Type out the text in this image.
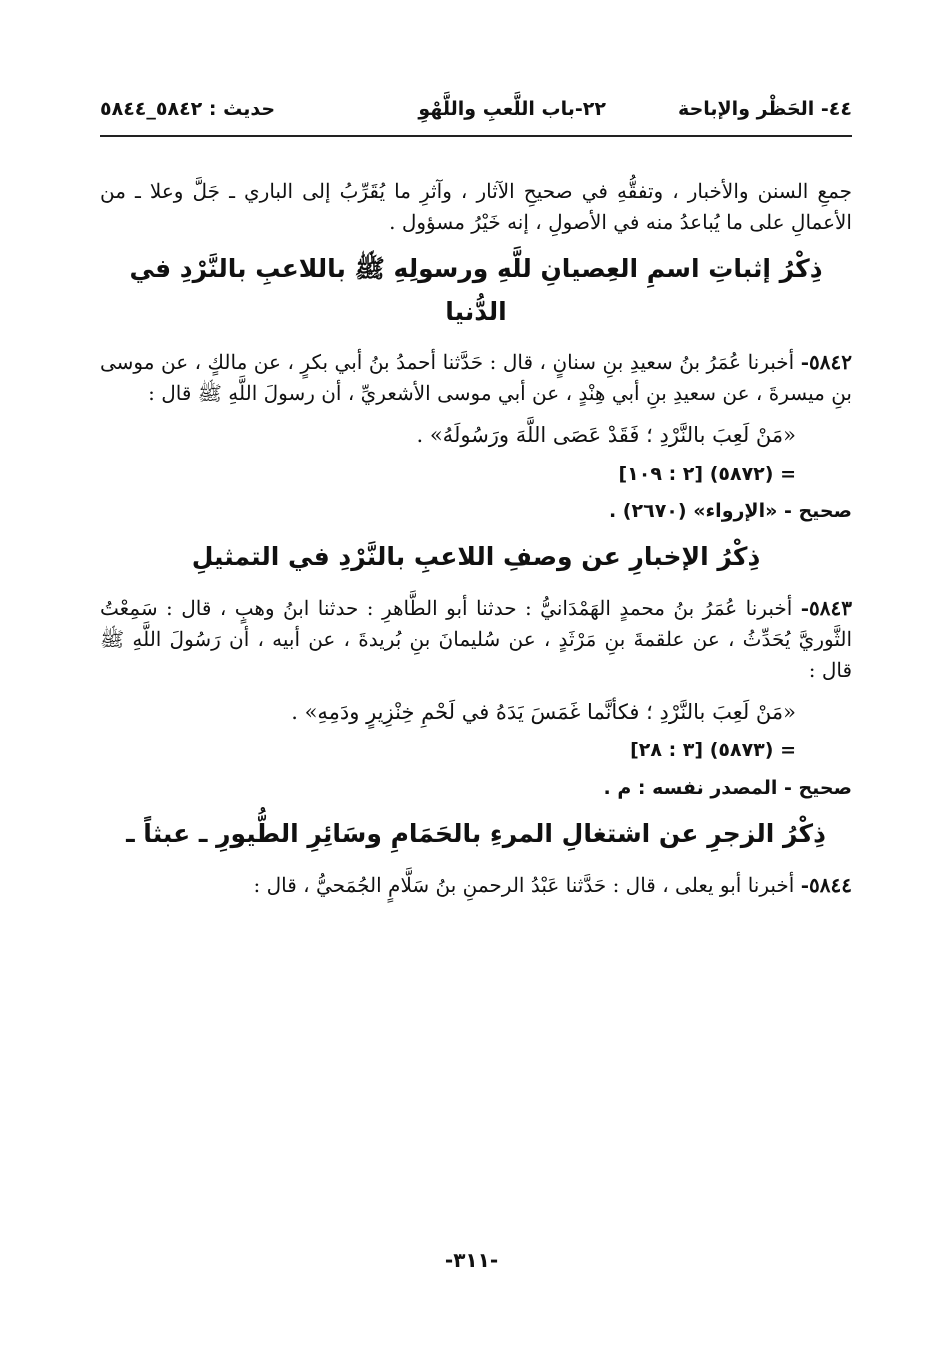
٤٤- الحَظْر والإباحة
٢٢-باب اللَّعبِ واللَّهْوِ
حديث : ٥٨٤٢_٥٨٤٤

جمعِ السنن والأخبار ، وتفقُّهِ في صحيحِ الآثار ، وآثرِ ما يُقَرِّبُ إلى الباري ـ جَلَّ وعلا ـ من الأعمالِ على ما يُباعدُ منه في الأصولِ ، إنه خَيْرُ مسؤول .

ذِكْرُ إثباتِ اسمِ العِصيانِ للَّهِ ورسولِهِ ﷺ باللاعبِ بالنَّرْدِ في الدُّنيا

٥٨٤٢- أخبرنا عُمَرُ بنُ سعيدِ بنِ سنانٍ ، قال : حَدَّثنا أحمدُ بنُ أبي بكرٍ ، عن مالكٍ ، عن موسى بنِ ميسرةَ ، عن سعيدِ بنِ أبي هِنْدٍ ، عن أبي موسى الأشعريِّ ، أن رسولَ اللَّهِ ﷺ قال :

«مَنْ لَعِبَ بالنَّرْدِ ؛ فَقَدْ عَصَى اللَّهَ ورَسُولَهُ» .
= (٥٨٧٢) [٢ : ١٠٩]
صحيح - «الإرواء» (٢٦٧٠) .
ذِكْرُ الإخبارِ عن وصفِ اللاعبِ بالنَّرْدِ في التمثيلِ

٥٨٤٣- أخبرنا عُمَرُ بنُ محمدٍ الهَمْدَانيُّ : حدثنا أبو الطَّاهرِ : حدثنا ابنُ وهبٍ ، قال : سَمِعْتُ الثَّوريَّ يُحَدِّثُ ، عن علقمةَ بنِ مَرْثَدٍ ، عن سُليمانَ بنِ بُريدةَ ، عن أبيه ، أن رَسُولَ اللَّهِ ﷺ قال :

«مَنْ لَعِبَ بالنَّرْدِ ؛ فكأنَّما غَمَسَ يَدَهُ في لَحْمِ خِنْزِيرٍ ودَمِهِ» .
= (٥٨٧٣) [٣ : ٢٨]
صحيح - المصدر نفسه : م .
ذِكْرُ الزجرِ عن اشتغالِ المرءِ بالحَمَامِ وسَائِرِ الطُّيورِ ـ عبثاً ـ

٥٨٤٤- أخبرنا أبو يعلى ، قال : حَدَّثنا عَبْدُ الرحمنِ بنُ سَلَّامٍ الجُمَحيُّ ، قال :

-٣١١-
